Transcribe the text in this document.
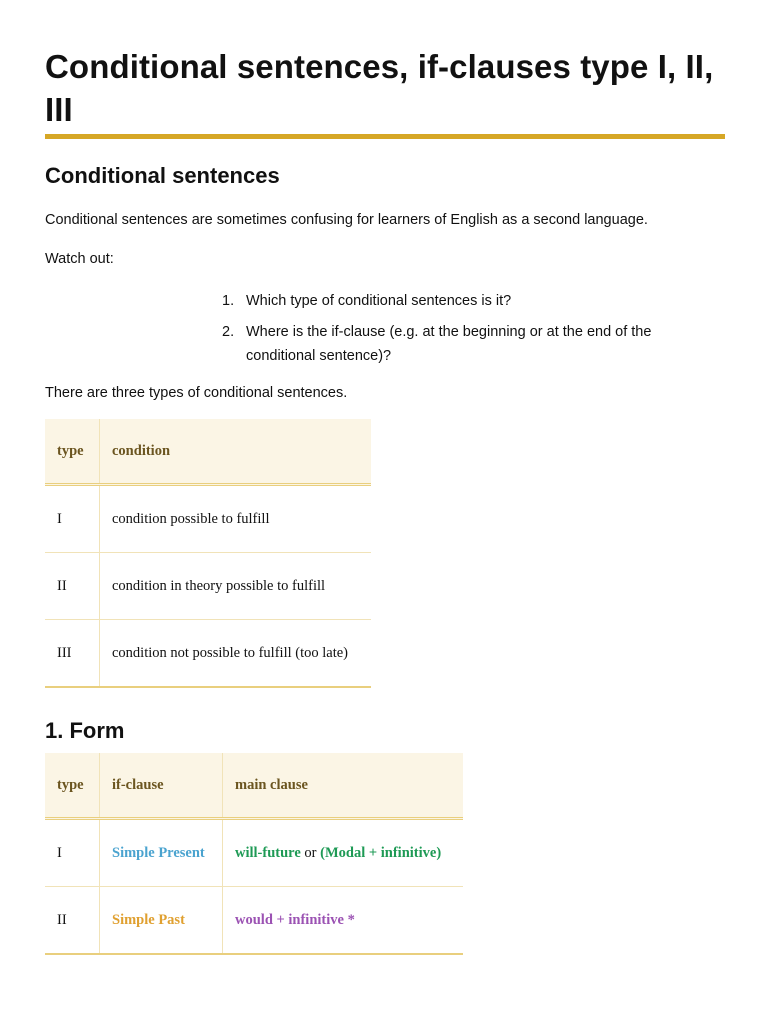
Conditional sentences, if-clauses type I, II, III
Conditional sentences

Conditional sentences are sometimes confusing for learners of English as a second language.

Watch out:

1. Which type of conditional sentences is it?
2. Where is the if-clause (e.g. at the beginning or at the end of the conditional sentence)?

There are three types of conditional sentences.

type	condition
I	condition possible to fulfill
II	condition in theory possible to fulfill
III	condition not possible to fulfill (too late)
1. Form
type	if-clause	main clause
I	Simple Present	will-future or (Modal + infinitive)
II	Simple Past	would + infinitive *
